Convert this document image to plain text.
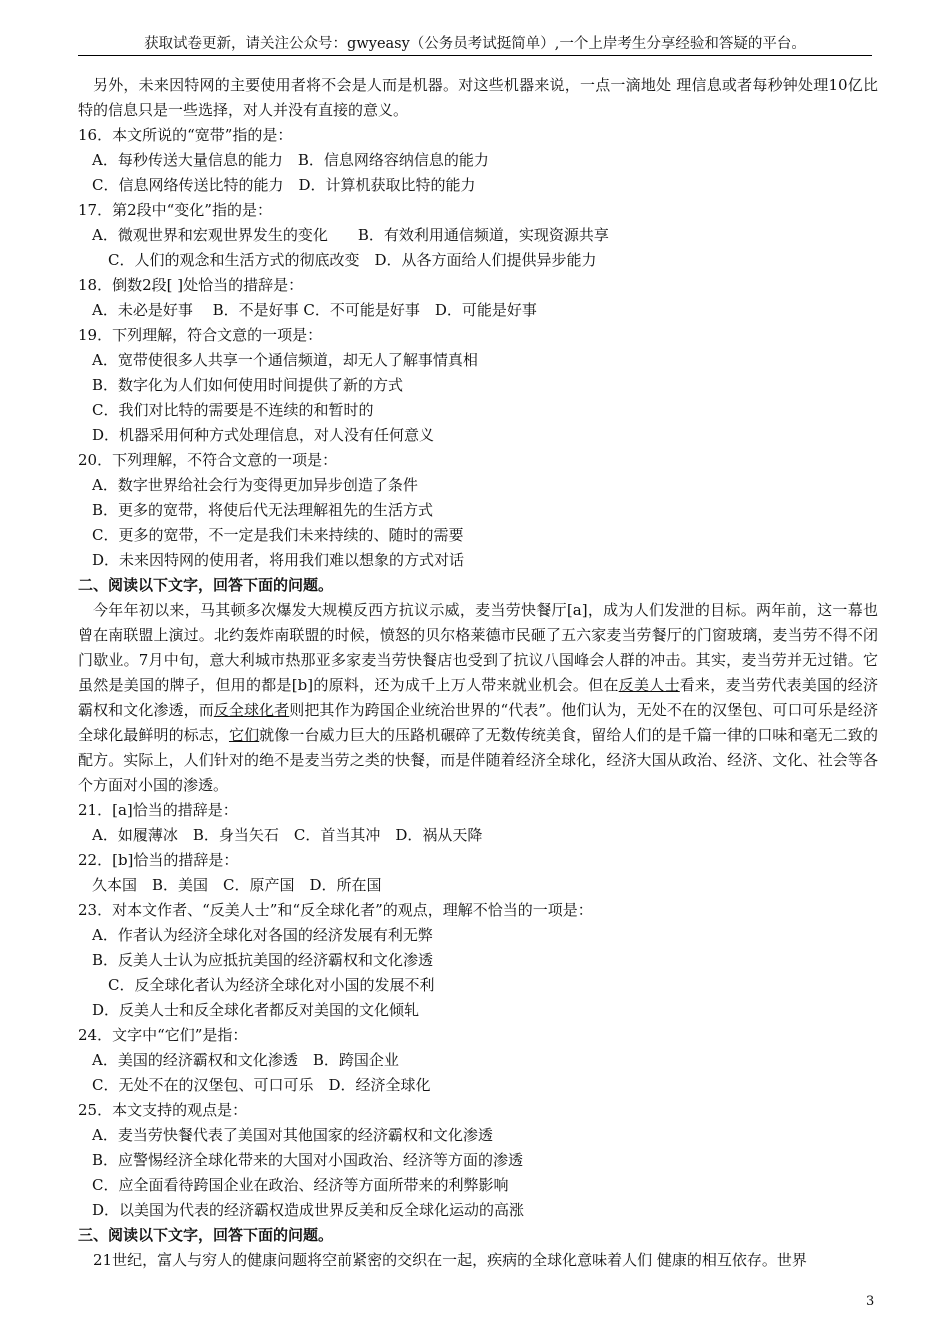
获取试卷更新，请关注公众号：gwyeasy（公务员考试挺简单）,一个上岸考生分享经验和答疑的平台。

另外，未来因特网的主要使用者将不会是人而是机器。对这些机器来说，一点一滴地处 理信息或者每秒钟处理10亿比特的信息只是一些选择，对人并没有直接的意义。

16．本文所说的“宽带”指的是：
A．每秒传送大量信息的能力　B．信息网络容纳信息的能力
C．信息网络传送比特的能力　D．计算机获取比特的能力
17．第2段中“变化”指的是：
A．微观世界和宏观世界发生的变化　　B．有效利用通信频道，实现资源共享
C．人们的观念和生活方式的彻底改变　D．从各方面给人们提供异步能力
18．倒数2段[ ]处恰当的措辞是：
A．未必是好事　 B．不是好事 C．不可能是好事　D．可能是好事
19．下列理解，符合文意的一项是：
A．宽带使很多人共享一个通信频道，却无人了解事情真相
B．数字化为人们如何使用时间提供了新的方式
C．我们对比特的需要是不连续的和暂时的
D．机器采用何种方式处理信息，对人没有任何意义
20．下列理解，不符合文意的一项是：
A．数字世界给社会行为变得更加异步创造了条件
B．更多的宽带，将使后代无法理解祖先的生活方式
C．更多的宽带，不一定是我们未来持续的、随时的需要
D．未来因特网的使用者，将用我们难以想象的方式对话
二、阅读以下文字，回答下面的问题。

今年年初以来，马其顿多次爆发大规模反西方抗议示威，麦当劳快餐厅[a]，成为人们发泄的目标。两年前，这一幕也曾在南联盟上演过。北约轰炸南联盟的时候，愤怒的贝尔格莱德市民砸了五六家麦当劳餐厅的门窗玻璃，麦当劳不得不闭门歇业。7月中旬，意大利城市热那亚多家麦当劳快餐店也受到了抗议八国峰会人群的冲击。其实，麦当劳并无过错。它虽然是美国的牌子，但用的都是[b]的原料，还为成千上万人带来就业机会。但在反美人士看来，麦当劳代表美国的经济霸权和文化渗透，而反全球化者则把其作为跨国企业统治世界的“代表”。他们认为，无处不在的汉堡包、可口可乐是经济全球化最鲜明的标志，它们就像一台威力巨大的压路机碾碎了无数传统美食，留给人们的是千篇一律的口味和毫无二致的配方。实际上，人们针对的绝不是麦当劳之类的快餐，而是伴随着经济全球化，经济大国从政治、经济、文化、社会等各个方面对小国的渗透。

21．[a]恰当的措辞是：
A．如履薄冰　B．身当矢石　C．首当其冲　D．祸从天降
22．[b]恰当的措辞是：
久本国　B．美国　C．原产国　D．所在国
23．对本文作者、“反美人士”和“反全球化者”的观点，理解不恰当的一项是：
A．作者认为经济全球化对各国的经济发展有利无弊
B．反美人士认为应抵抗美国的经济霸权和文化渗透
C．反全球化者认为经济全球化对小国的发展不利
D．反美人士和反全球化者都反对美国的文化倾轧
24．文字中“它们”是指：
A．美国的经济霸权和文化渗透　B．跨国企业
C．无处不在的汉堡包、可口可乐　D．经济全球化
25．本文支持的观点是：
A．麦当劳快餐代表了美国对其他国家的经济霸权和文化渗透
B．应警惕经济全球化带来的大国对小国政治、经济等方面的渗透
C．应全面看待跨国企业在政治、经济等方面所带来的利弊影响
D．以美国为代表的经济霸权造成世界反美和反全球化运动的高涨
三、阅读以下文字，回答下面的问题。
21世纪，富人与穷人的健康问题将空前紧密的交织在一起，疾病的全球化意味着人们 健康的相互依存。世界
3
